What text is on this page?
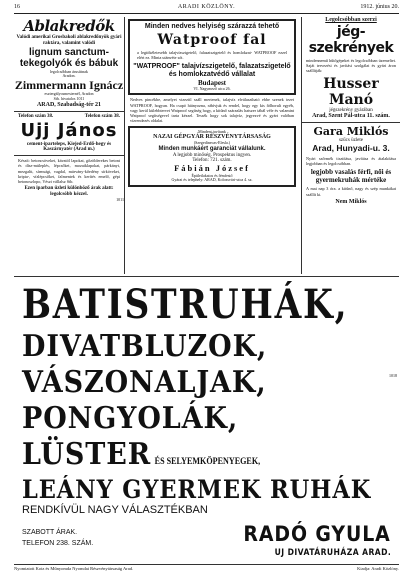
16	ARADI KÖZLÖNY.	1912. június 20.

Ablakredők

Valódi amerikai Grosbakoli ablakredőnyök gyári raktára, valamint valódi

lignum sanctum-

tekegolyók és bábuk

legolcsóbban árusíttnak

Aradon.

Zimmermann Ignácz

esztergályosmesternél, Aradon

Stb. hivatalos 1011

ARAD, Szabadság-tér 21

Telefon szám 38.	Telefon szám 38.

Ujj János

cement-iparteleps, Kiejed-Erdő-hegy és Kaszárnyatér (Arad m.)

Készít: betoncsöveket, kávatól lapokat, gőzölderekes betont és dísz-müleplés, lépcsőket, mozaiklapokat, párkányt, mezgaltt, sírmsági, vagdal, márvány-kőedény sírköveket, kripta-, vízlépcsőket, falmentek és kerítés emelő, gépi betonoszlopo, Vészi vállalsz Stb.

Ezen iparban üzleti különböző árak alatt: legolcsóbb kézzel.

1011

Minden nedves helyiség szárazzá tehető

Watproof fal

a legtökéletesebb talajvízszigetelő, falazatszigetelő és homlokzat- WATPROOF ezzel elért ez. Minta utánvéte sót.

"WATPROOF" talajvízszigetelő, falazatszigetelő és homlokzatvédő vállalat

Budapest

VI. Nagymező utca 26.

Nedves pincékbe, amelyet vizezitl száll mertenek, talajvíz elválasztható ebbe szenek tezet WATPROOF, hogyan. Ha csapó hiányozna, rábívjuk és rendel, hogy egy kis fölborult egyéb, vagy kerül külebbtervet Watproof segítség hogy, a kitűnő szárazlás hatszer tábál véle és valamint Watproof segítségevel tarta kézzel. Tessék hogy sok talajvíz, jegyezvé és gyárt valóban vízrendezés oldalai.

Mindent javítunk

NAZAI GÉPGYÁR RÉSZVÉNYTÁRSASÁG

(Szegedinecas-Elesla.)

Minden munkáért garanciát vállalunk.

A legjobb minőség. Prospektus ingyen.

Telefon: 721. szám.

Fábián József

Épületlakatos és fémfestő

Gyárai és telephely: ARAD, Kolozsvári-utca 4. sz.

Legolcsóbban szerzi

jég-szekrények

mindennemű hűtőgépeket és legolcsóbban üzemeltet. Saját tervezési és javítási szolgálat és gyári áron szállítják:

Husser Manó

jégszekrény gyárában

Arad, Szent Pál-utca 11. szám.

Gara Miklós

szűcs üzlete

Arad, Hunyadi-u. 3.

Nyári szőrmék tisztítása, javítása és átalakítása legjobban és legolcsóbban.

legjobb vasalás férfi, női és gyermekruhák mértéke

A mai nap 3 óra. a kitűnő, nagy és szép munkákat szállít ki.

Nem Miklós

BATISTRUHÁK,

DIVATBLUZOK,

VÁSZONALJAK,

PONGYOLÁK,

LÜSTER ÉS SELYEMKÖPENYEGEK,

LEÁNY GYERMEK RUHÁK

RENDKÍVÜL NAGY VÁLASZTÉKBAN

SZABOTT ÁRAK.
TELEFON 238. SZÁM.	RADÓ GYULA
UJ DIVATÁRUHÁZA ARAD.
1018
Nyomtatott Kotz és Műnyomda Nyomdai Részvénytársaság Arad.	Kiadja: Aradi Közlöny.
